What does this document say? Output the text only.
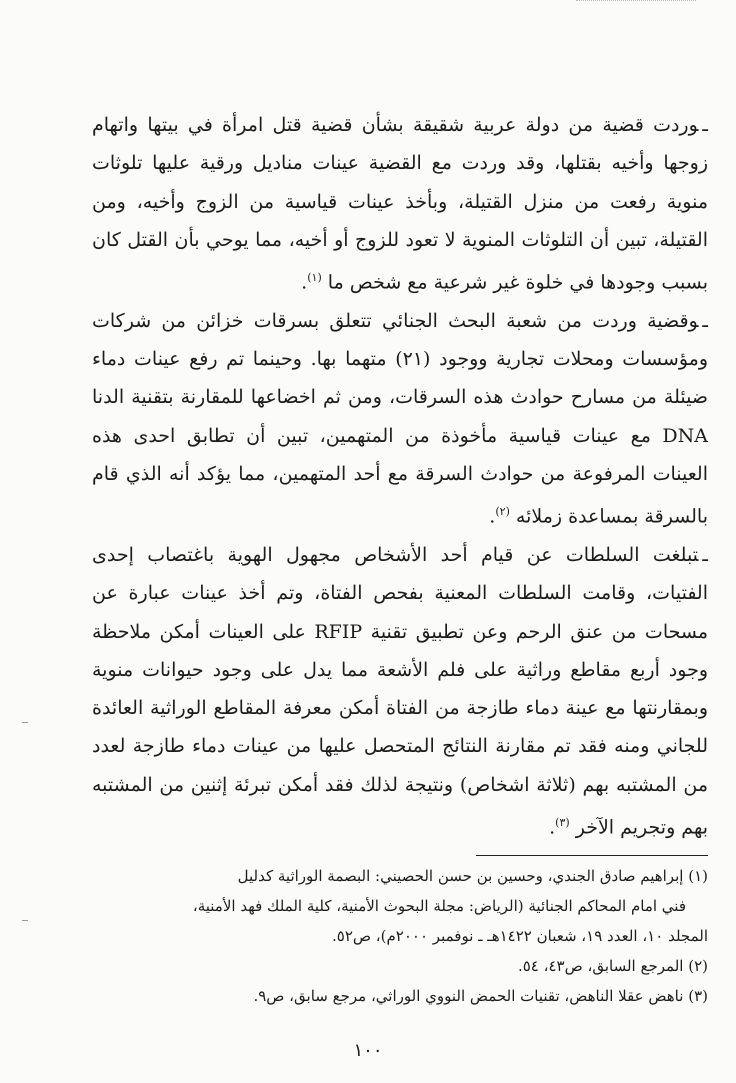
ـوردت قضية من دولة عربية شقيقة بشأن قضية قتل امرأة في بيتها واتهام زوجها وأخيه بقتلها، وقد وردت مع القضية عينات مناديل ورقية عليها تلوثات منوية رفعت من منزل القتيلة، وبأخذ عينات قياسية من الزوج وأخيه، ومن القتيلة، تبين أن التلوثات المنوية لا تعود للزوج أو أخيه، مما يوحي بأن القتل كان بسبب وجودها في خلوة غير شرعية مع شخص ما $^{(١)}$.

ـوقضية وردت من شعبة البحث الجنائي تتعلق بسرقات خزائن من شركات ومؤسسات ومحلات تجارية ووجود (٢١) متهما بها. وحينما تم رفع عينات دماء ضيئلة من مسارح حوادث هذه السرقات، ومن ثم اخضاعها للمقارنة بتقنية الدنا DNA مع عينات قياسية مأخوذة من المتهمين، تبين أن تطابق احدى هذه العينات المرفوعة من حوادث السرقة مع أحد المتهمين، مما يؤكد أنه الذي قام بالسرقة بمساعدة زملائه $^{(٢)}$.

ـتبلغت السلطات عن قيام أحد الأشخاص مجهول الهوية باغتصاب إحدى الفتيات، وقامت السلطات المعنية بفحص الفتاة، وتم أخذ عينات عبارة عن مسحات من عنق الرحم وعن تطبيق تقنية RFIP على العينات أمكن ملاحظة وجود أربع مقاطع وراثية على فلم الأشعة مما يدل على وجود حيوانات منوية وبمقارنتها مع عينة دماء طازجة من الفتاة أمكن معرفة المقاطع الوراثية العائدة للجاني ومنه فقد تم مقارنة النتائج المتحصل عليها من عينات دماء طازجة لعدد من المشتبه بهم (ثلاثة اشخاص) ونتيجة لذلك فقد أمكن تبرئة إثنين من المشتبه بهم وتجريم الآخر $^{(٣)}$.

(١) إبراهيم صادق الجندي، وحسين بن حسن الحصيني: البصمة الوراثية كدليل

فني امام المحاكم الجنائية (الرياض: مجلة البحوث الأمنية، كلية الملك فهد الأمنية،

المجلد ١٠، العدد ١٩، شعبان ١٤٢٢هـ ـ نوفمبر ٢٠٠٠م)، ص٥٢.

(٢) المرجع السابق، ص٤٣، ٥٤.

(٣) ناهض عقلا الناهض، تقنيات الحمض النووي الوراثي، مرجع سابق، ص٩.

١٠٠
